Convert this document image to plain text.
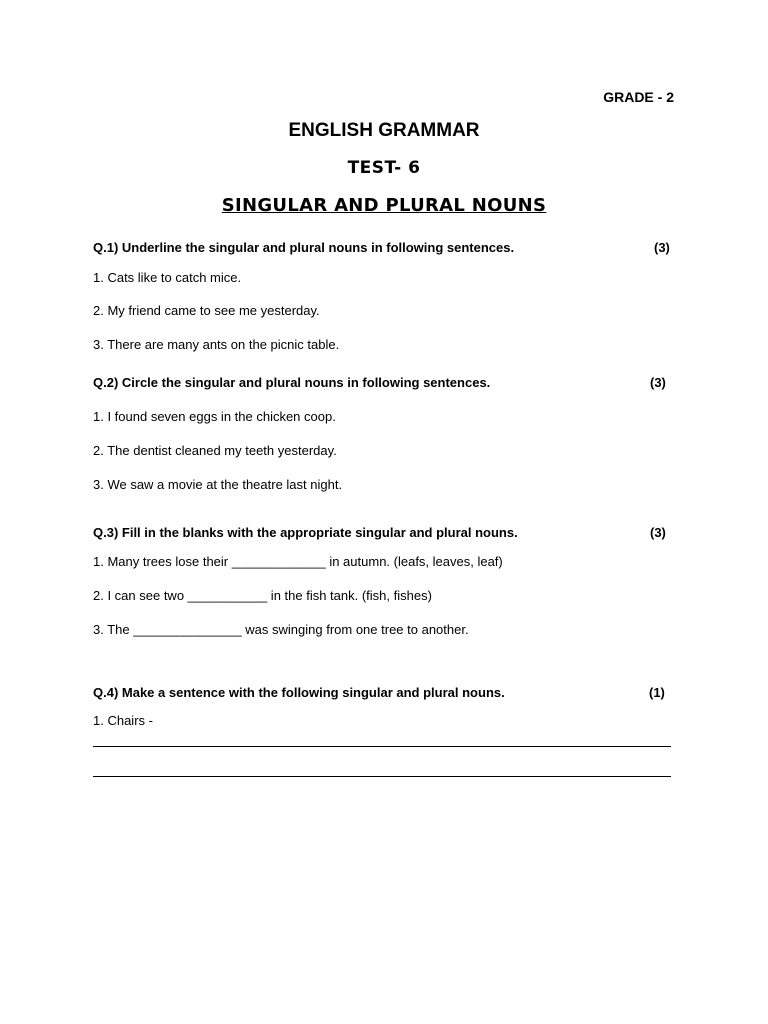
GRADE - 2
ENGLISH GRAMMAR
TEST- 6
SINGULAR AND PLURAL NOUNS
Q.1) Underline the singular and plural nouns in following sentences.	(3)
1. Cats like to catch mice.
2. My friend came to see me yesterday.
3. There are many ants on the picnic table.
Q.2) Circle the singular and plural nouns in following sentences.	(3)
1. I found seven eggs in the chicken coop.
2. The dentist cleaned my teeth yesterday.
3. We saw a movie at the theatre last night.
Q.3) Fill in the blanks with the appropriate singular and plural nouns.	(3)
1. Many trees lose their _____________ in autumn. (leafs, leaves, leaf)
2. I can see two ___________ in the fish tank. (fish, fishes)
3. The _______________ was swinging from one tree to another.
Q.4) Make a sentence with the following singular and plural nouns.	(1)
1. Chairs -
